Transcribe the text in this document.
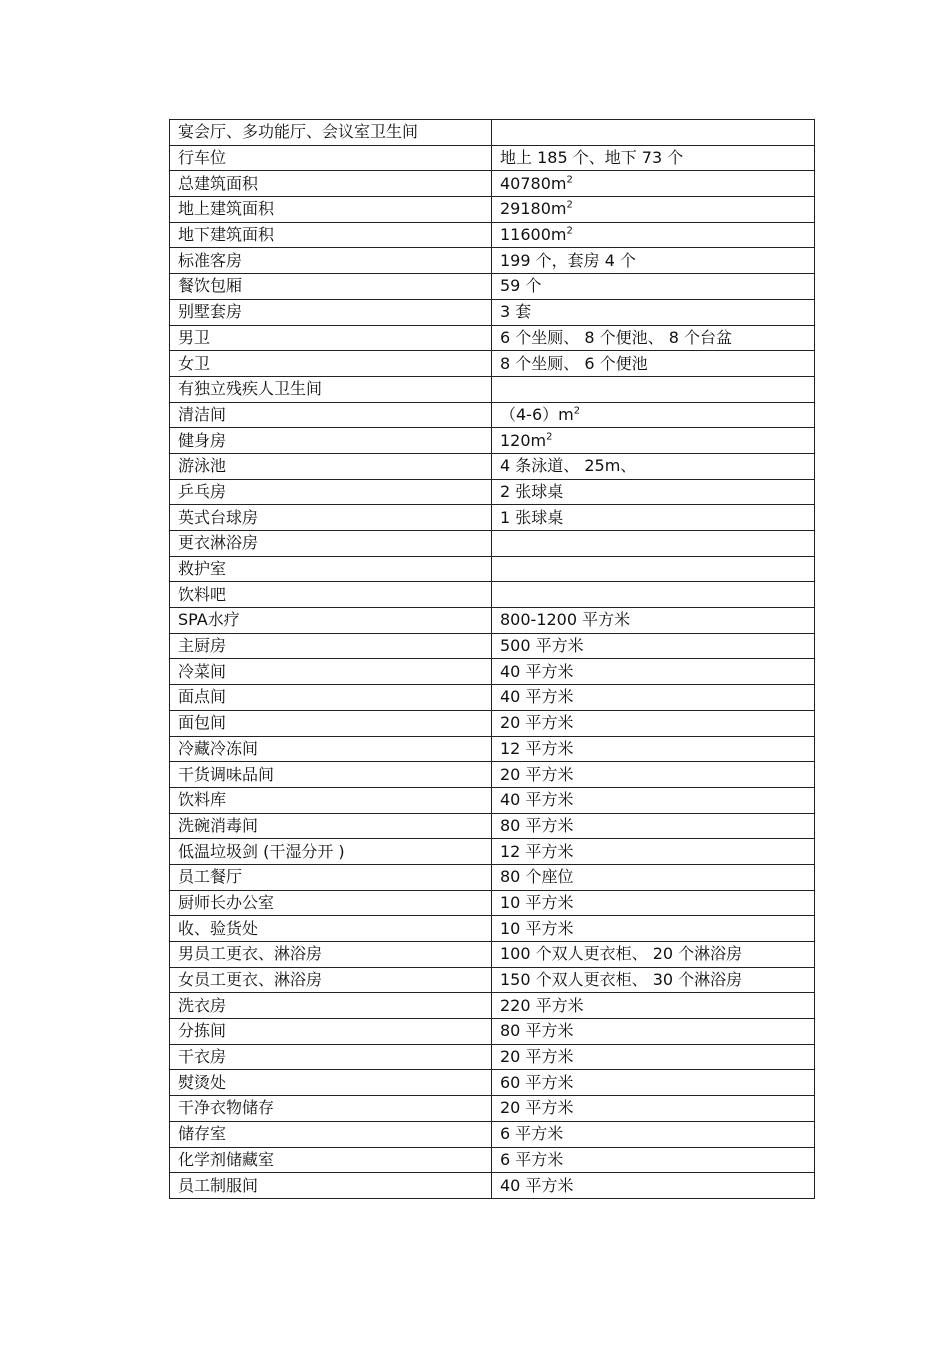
宴会厅、多功能厅、会议室卫生间	
行车位	地上 185 个、地下 73 个
总建筑面积	$40780m^2$
地上建筑面积	$29180m^2$
地下建筑面积	$11600m^2$
标准客房	199 个，套房 4 个
餐饮包厢	59 个
别墅套房	3 套
男卫	6 个坐厕、 8 个便池、 8 个台盆
女卫	8 个坐厕、 6 个便池
有独立残疾人卫生间	
清洁间	$(4-6)m^2$
健身房	$120m^2$
游泳池	4 条泳道、 25m、
乒乓房	2 张球桌
英式台球房	1 张球桌
更衣淋浴房	
救护室	
饮料吧	
SPA水疗	800-1200 平方米
主厨房	500 平方米
冷菜间	40 平方米
面点间	40 平方米
面包间	20 平方米
冷藏冷冻间	12 平方米
干货调味品间	20 平方米
饮料库	40 平方米
洗碗消毒间	80 平方米
低温垃圾剑 (干湿分开 )	12 平方米
员工餐厅	80 个座位
厨师长办公室	10 平方米
收、验货处	10 平方米
男员工更衣、淋浴房	100 个双人更衣柜、 20 个淋浴房
女员工更衣、淋浴房	150 个双人更衣柜、 30 个淋浴房
洗衣房	220 平方米
分拣间	80 平方米
干衣房	20 平方米
熨烫处	60 平方米
干净衣物储存	20 平方米
储存室	6 平方米
化学剂储藏室	6 平方米
员工制服间	40 平方米
